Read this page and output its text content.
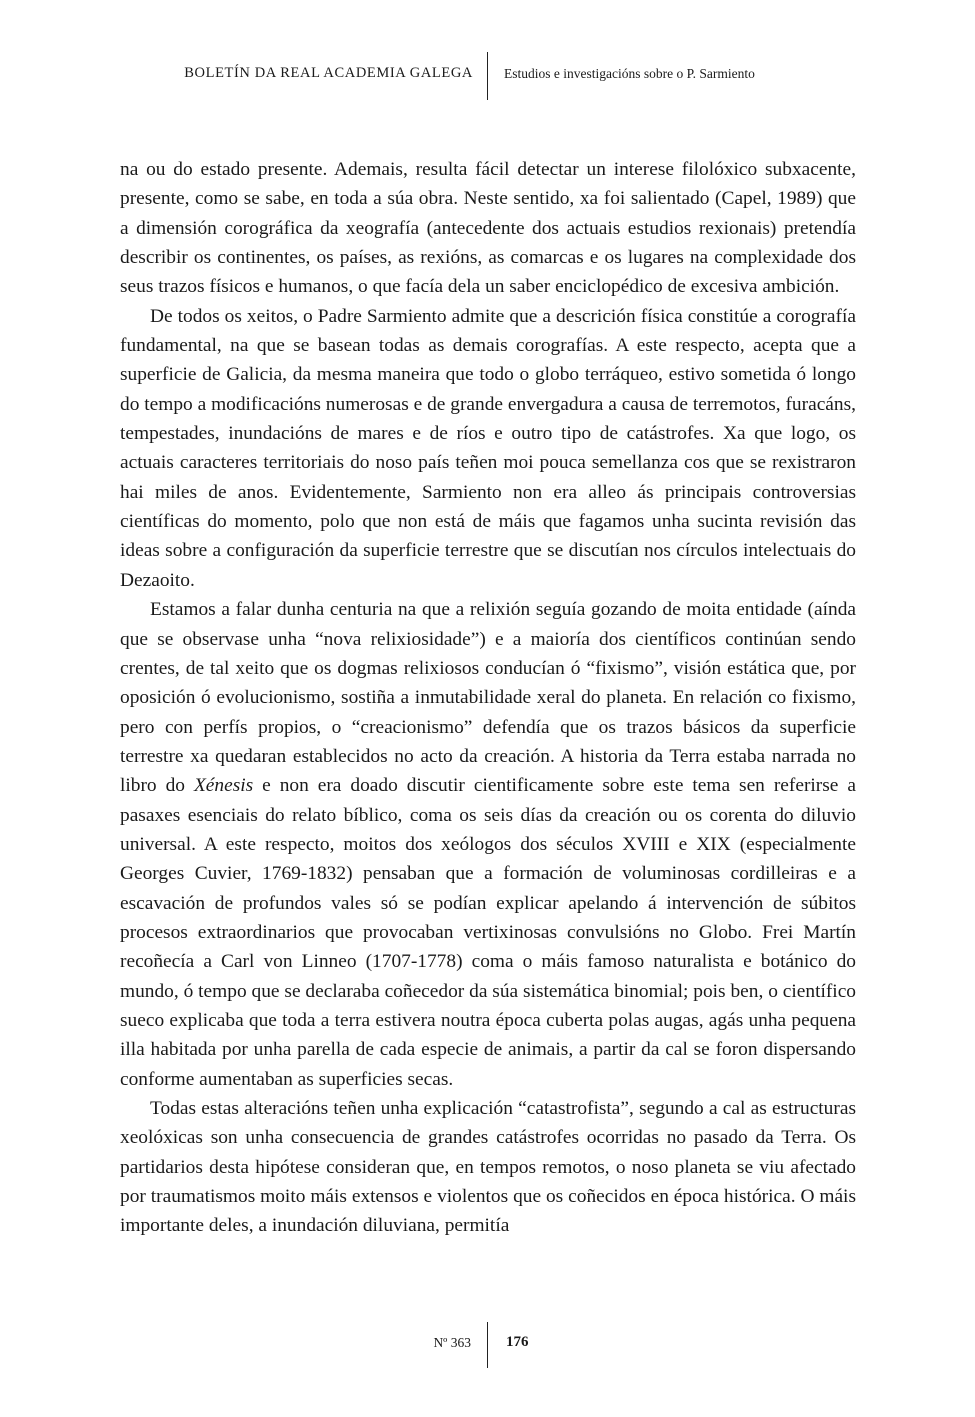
BOLETÍN DA REAL ACADEMIA GALEGA Estudios e investigacións sobre o P. Sarmiento

na ou do estado presente. Ademais, resulta fácil detectar un interese filolóxico subxacente, presente, como se sabe, en toda a súa obra. Neste sentido, xa foi salientado (Capel, 1989) que a dimensión corográfica da xeografía (antecedente dos actuais estudios rexionais) pretendía describir os continentes, os países, as rexións, as comarcas e os lugares na complexidade dos seus trazos físicos e humanos, o que facía dela un saber enciclopédico de excesiva ambición.

De todos os xeitos, o Padre Sarmiento admite que a descrición física constitúe a corografía fundamental, na que se basean todas as demais corografías. A este respecto, acepta que a superficie de Galicia, da mesma maneira que todo o globo terráqueo, estivo sometida ó longo do tempo a modificacións numerosas e de grande envergadura a causa de terremotos, furacáns, tempestades, inundacións de mares e de ríos e outro tipo de catástrofes. Xa que logo, os actuais caracteres territoriais do noso país teñen moi pouca semellanza cos que se rexistraron hai miles de anos. Evidentemente, Sarmiento non era alleo ás principais controversias científicas do momento, polo que non está de máis que fagamos unha sucinta revisión das ideas sobre a configuración da superficie terrestre que se discutían nos círculos intelectuais do Dezaoito.

Estamos a falar dunha centuria na que a relixión seguía gozando de moita entidade (aínda que se observase unha “nova relixiosidade”) e a maioría dos científicos continúan sendo crentes, de tal xeito que os dogmas relixiosos conducían ó “fixismo”, visión estática que, por oposición ó evolucionismo, sostiña a inmutabilidade xeral do planeta. En relación co fixismo, pero con perfís propios, o “creacionismo” defendía que os trazos básicos da superficie terrestre xa quedaran establecidos no acto da creación. A historia da Terra estaba narrada no libro do Xénesis e non era doado discutir cientificamente sobre este tema sen referirse a pasaxes esenciais do relato bíblico, coma os seis días da creación ou os corenta do diluvio universal. A este respecto, moitos dos xeólogos dos séculos XVIII e XIX (especialmente Georges Cuvier, 1769-1832) pensaban que a formación de voluminosas cordilleiras e a escavación de profundos vales só se podían explicar apelando á intervención de súbitos procesos extraordinarios que provocaban vertixinosas convulsións no Globo. Frei Martín recoñecía a Carl von Linneo (1707-1778) coma o máis famoso naturalista e botánico do mundo, ó tempo que se declaraba coñecedor da súa sistemática binomial; pois ben, o científico sueco explicaba que toda a terra estivera noutra época cuberta polas augas, agás unha pequena illa habitada por unha parella de cada especie de animais, a partir da cal se foron dispersando conforme aumentaban as superficies secas.

Todas estas alteracións teñen unha explicación “catastrofista”, segundo a cal as estructuras xeolóxicas son unha consecuencia de grandes catástrofes ocorridas no pasado da Terra. Os partidarios desta hipótese consideran que, en tempos remotos, o noso planeta se viu afectado por traumatismos moito máis extensos e violentos que os coñecidos en época histórica. O máis importante deles, a inundación diluviana, permitía

Nº 363 176
